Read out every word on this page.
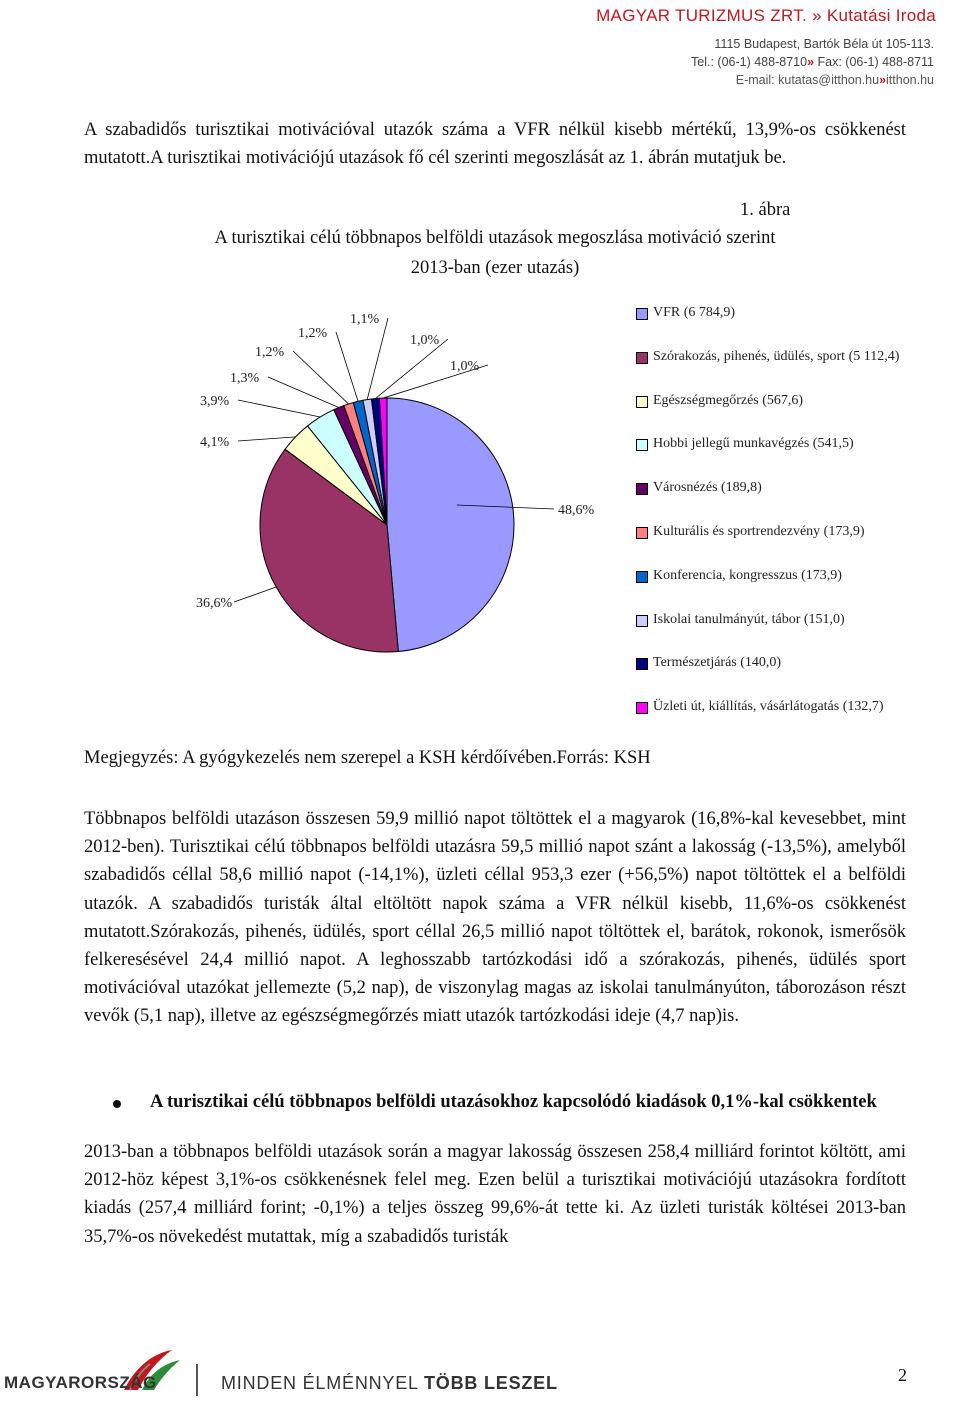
MAGYAR TURIZMUS ZRT. » Kutatási Iroda
1115 Budapest, Bartók Béla út 105-113.
Tel.: (06-1) 488-8710» Fax: (06-1) 488-8711
E-mail: kutatas@itthon.hu»itthon.hu
A szabadidős turisztikai motivációval utazók száma a VFR nélkül kisebb mértékű, 13,9%-os csökkenést mutatott.A turisztikai motivációjú utazások fő cél szerinti megoszlását az 1. ábrán mutatjuk be.
1. ábra
A turisztikai célú többnapos belföldi utazások megoszlása motiváció szerint
2013-ban (ezer utazás)
48,6%
36,6%
4,1%
3,9%
1,3%
1,2%
1,2%
1,1%
1,0%
1,0%
VFR (6 784,9)
Szórakozás, pihenés, üdülés, sport (5 112,4)
Egészségmegőrzés (567,6)
Hobbi jellegű munkavégzés (541,5)
Városnézés (189,8)
Kulturális és sportrendezvény (173,9)
Konferencia, kongresszus (173,9)
Iskolai tanulmányút, tábor (151,0)
Természetjárás (140,0)
Üzleti út, kiállítás, vásárlátogatás (132,7)
Megjegyzés: A gyógykezelés nem szerepel a KSH kérdőívében.Forrás: KSH
Többnapos belföldi utazáson összesen 59,9 millió napot töltöttek el a magyarok (16,8%-kal kevesebbet, mint 2012-ben). Turisztikai célú többnapos belföldi utazásra 59,5 millió napot szánt a lakosság (-13,5%), amelyből szabadidős céllal 58,6 millió napot (-14,1%), üzleti céllal 953,3 ezer (+56,5%) napot töltöttek el a belföldi utazók. A szabadidős turisták által eltöltött napok száma a VFR nélkül kisebb, 11,6%-os csökkenést mutatott.Szórakozás, pihenés, üdülés, sport céllal 26,5 millió napot töltöttek el, barátok, rokonok, ismerősök felkeresésével 24,4 millió napot. A leghosszabb tartózkodási idő a szórakozás, pihenés, üdülés sport motivációval utazókat jellemezte (5,2 nap), de viszonylag magas az iskolai tanulmányúton, táborozáson részt vevők (5,1 nap), illetve az egészségmegőrzés miatt utazók tartózkodási ideje (4,7 nap)is.
A turisztikai célú többnapos belföldi utazásokhoz kapcsolódó kiadások 0,1%-kal csökkentek
2013-ban a többnapos belföldi utazások során a magyar lakosság összesen 258,4 milliárd forintot költött, ami 2012-höz képest 3,1%-os csökkenésnek felel meg. Ezen belül a turisztikai motivációjú utazásokra fordított kiadás (257,4 milliárd forint; -0,1%) a teljes összeg 99,6%-át tette ki. Az üzleti turisták költései 2013-ban 35,7%-os növekedést mutattak, míg a szabadidős turisták
MAGYARORSZÁG	MINDEN ÉLMÉNNYEL TÖBB LESZEL	2
